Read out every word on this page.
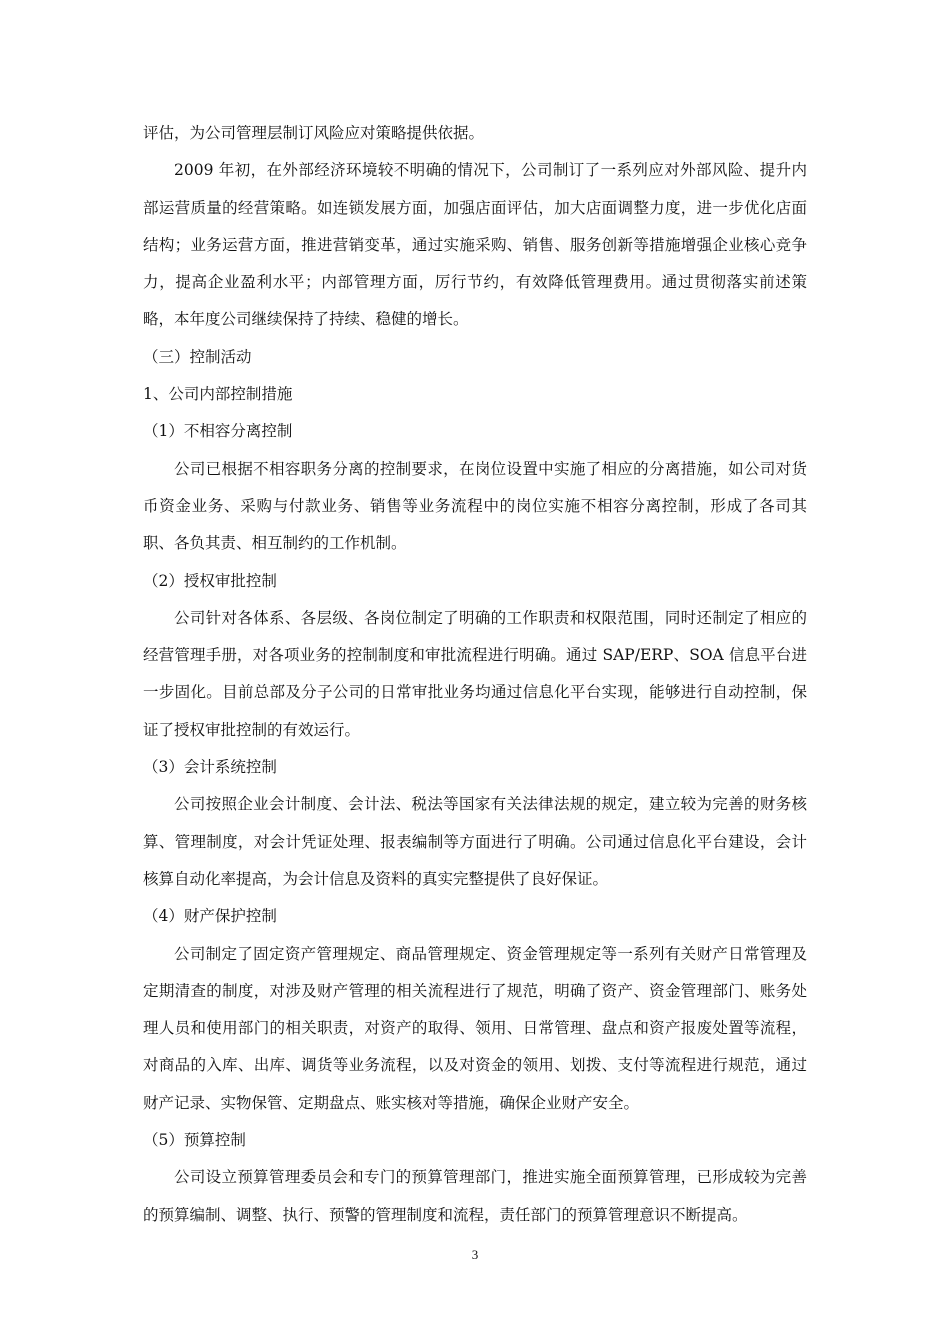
评估，为公司管理层制订风险应对策略提供依据。

2009 年初，在外部经济环境较不明确的情况下，公司制订了一系列应对外部风险、提升内部运营质量的经营策略。如连锁发展方面，加强店面评估，加大店面调整力度，进一步优化店面结构；业务运营方面，推进营销变革，通过实施采购、销售、服务创新等措施增强企业核心竞争力，提高企业盈利水平；内部管理方面，厉行节约，有效降低管理费用。通过贯彻落实前述策略，本年度公司继续保持了持续、稳健的增长。

（三）控制活动

1、公司内部控制措施

（1）不相容分离控制

公司已根据不相容职务分离的控制要求，在岗位设置中实施了相应的分离措施，如公司对货币资金业务、采购与付款业务、销售等业务流程中的岗位实施不相容分离控制，形成了各司其职、各负其责、相互制约的工作机制。

（2）授权审批控制

公司针对各体系、各层级、各岗位制定了明确的工作职责和权限范围，同时还制定了相应的经营管理手册，对各项业务的控制制度和审批流程进行明确。通过 SAP/ERP、SOA 信息平台进一步固化。目前总部及分子公司的日常审批业务均通过信息化平台实现，能够进行自动控制，保证了授权审批控制的有效运行。

（3）会计系统控制

公司按照企业会计制度、会计法、税法等国家有关法律法规的规定，建立较为完善的财务核算、管理制度，对会计凭证处理、报表编制等方面进行了明确。公司通过信息化平台建设，会计核算自动化率提高，为会计信息及资料的真实完整提供了良好保证。

（4）财产保护控制

公司制定了固定资产管理规定、商品管理规定、资金管理规定等一系列有关财产日常管理及定期清查的制度，对涉及财产管理的相关流程进行了规范，明确了资产、资金管理部门、账务处理人员和使用部门的相关职责，对资产的取得、领用、日常管理、盘点和资产报废处置等流程，对商品的入库、出库、调货等业务流程，以及对资金的领用、划拨、支付等流程进行规范，通过财产记录、实物保管、定期盘点、账实核对等措施，确保企业财产安全。

（5）预算控制

公司设立预算管理委员会和专门的预算管理部门，推进实施全面预算管理，已形成较为完善的预算编制、调整、执行、预警的管理制度和流程，责任部门的预算管理意识不断提高。

3
